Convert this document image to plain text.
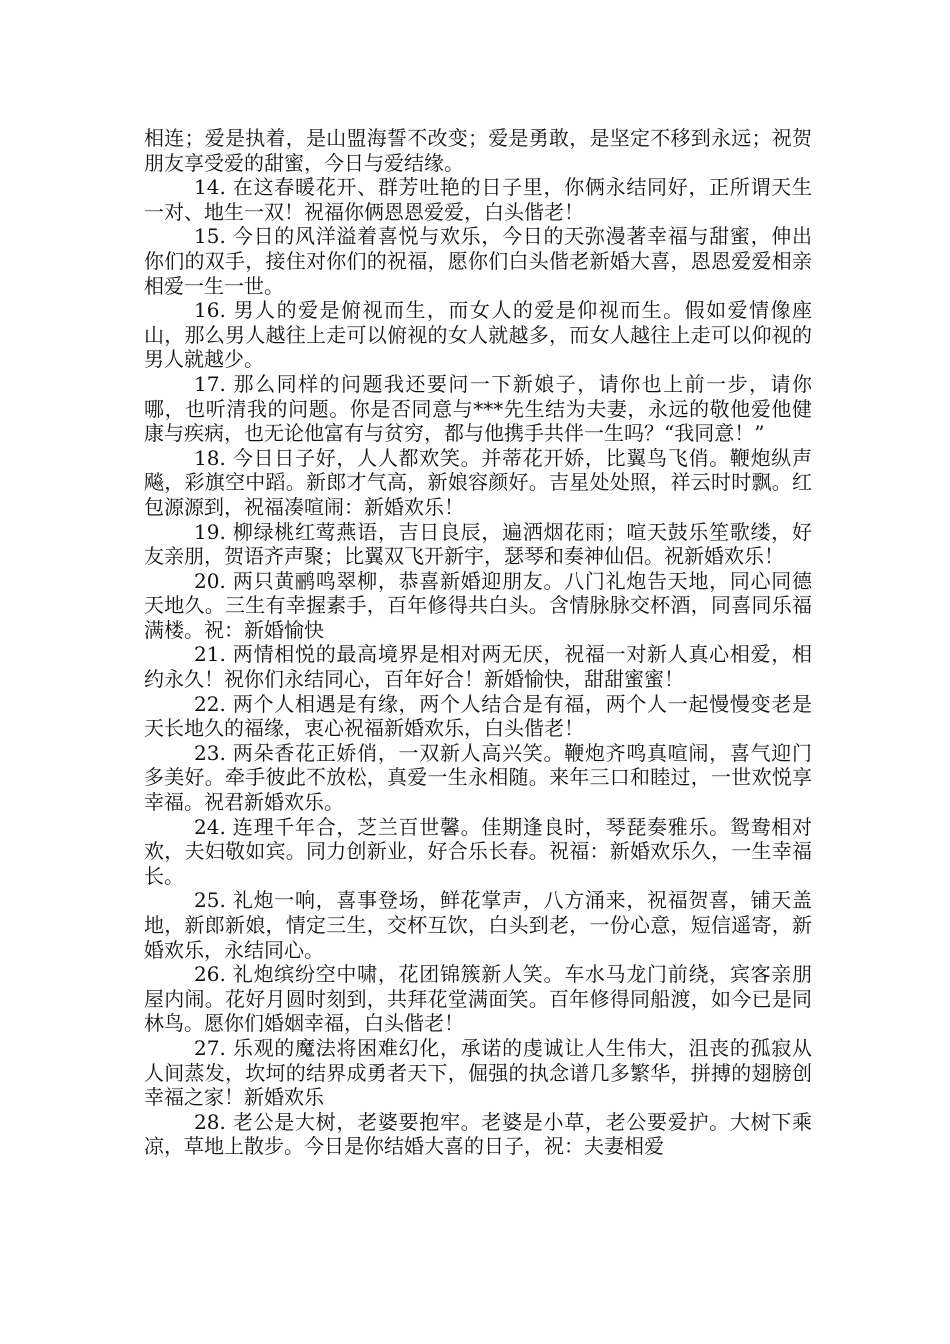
相连；爱是执着，是山盟海誓不改变；爱是勇敢，是坚定不移到永远；祝贺朋友享受爱的甜蜜，今日与爱结缘。

14. 在这春暖花开、群芳吐艳的日子里，你俩永结同好，正所谓天生一对、地生一双！祝福你俩恩恩爱爱，白头偕老！

15. 今日的风洋溢着喜悦与欢乐，今日的天弥漫著幸福与甜蜜，伸出你们的双手，接住对你们的祝福，愿你们白头偕老新婚大喜，恩恩爱爱相亲相爱一生一世。

16. 男人的爱是俯视而生，而女人的爱是仰视而生。假如爱情像座山，那么男人越往上走可以俯视的女人就越多，而女人越往上走可以仰视的男人就越少。

17. 那么同样的问题我还要问一下新娘子，请你也上前一步，请你哪，也听清我的问题。你是否同意与***先生结为夫妻，永远的敬他爱他健康与疾病，也无论他富有与贫穷，都与他携手共伴一生吗？“我同意！”

18. 今日日子好，人人都欢笑。并蒂花开娇，比翼鸟飞俏。鞭炮纵声飚，彩旗空中蹈。新郎才气高，新娘容颜好。吉星处处照，祥云时时飘。红包源源到，祝福凑喧闹：新婚欢乐！

19. 柳绿桃红莺燕语，吉日良辰，遍洒烟花雨；喧天鼓乐笙歌缕，好友亲朋，贺语齐声聚；比翼双飞开新宇，瑟琴和奏神仙侣。祝新婚欢乐！

20. 两只黄鹂鸣翠柳，恭喜新婚迎朋友。八门礼炮告天地，同心同德天地久。三生有幸握素手，百年修得共白头。含情脉脉交杯酒，同喜同乐福满楼。祝：新婚愉快

21. 两情相悦的最高境界是相对两无厌，祝福一对新人真心相爱，相约永久！祝你们永结同心，百年好合！新婚愉快，甜甜蜜蜜！

22. 两个人相遇是有缘，两个人结合是有福，两个人一起慢慢变老是天长地久的福缘，衷心祝福新婚欢乐，白头偕老！

23. 两朵香花正娇俏，一双新人高兴笑。鞭炮齐鸣真喧闹，喜气迎门多美好。牵手彼此不放松，真爱一生永相随。来年三口和睦过，一世欢悦享幸福。祝君新婚欢乐。

24. 连理千年合，芝兰百世馨。佳期逢良时，琴琵奏雅乐。鸳鸯相对欢，夫妇敬如宾。同力创新业，好合乐长春。祝福：新婚欢乐久，一生幸福长。

25. 礼炮一响，喜事登场，鲜花掌声，八方涌来，祝福贺喜，铺天盖地，新郎新娘，情定三生，交杯互饮，白头到老，一份心意，短信遥寄，新婚欢乐，永结同心。

26. 礼炮缤纷空中啸，花团锦簇新人笑。车水马龙门前绕，宾客亲朋屋内闹。花好月圆时刻到，共拜花堂满面笑。百年修得同船渡，如今已是同林鸟。愿你们婚姻幸福，白头偕老！

27. 乐观的魔法将困难幻化，承诺的虔诚让人生伟大，沮丧的孤寂从人间蒸发，坎坷的结界成勇者天下，倔强的执念谱几多繁华，拼搏的翅膀创幸福之家！新婚欢乐

28. 老公是大树，老婆要抱牢。老婆是小草，老公要爱护。大树下乘凉，草地上散步。今日是你结婚大喜的日子，祝：夫妻相爱
